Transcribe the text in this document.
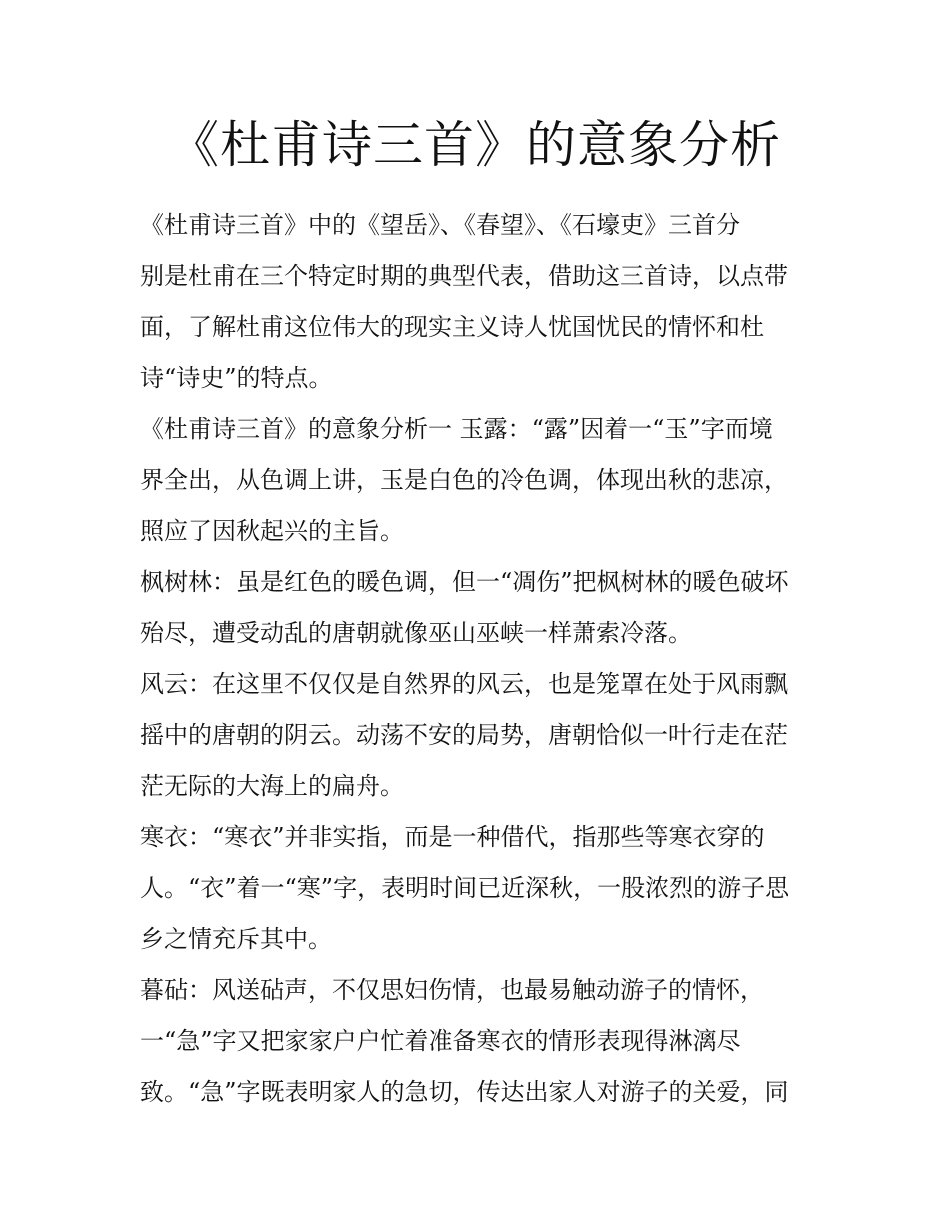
《杜甫诗三首》的意象分析
《杜甫诗三首》中的《望岳》、《春望》、《石壕吏》三首分
别是杜甫在三个特定时期的典型代表，借助这三首诗，以点带
面，了解杜甫这位伟大的现实主义诗人忧国忧民的情怀和杜
诗“诗史”的特点。
《杜甫诗三首》的意象分析一 玉露：“露”因着一“玉”字而境
界全出，从色调上讲，玉是白色的冷色调，体现出秋的悲凉，
照应了因秋起兴的主旨。
枫树林：虽是红色的暖色调，但一“凋伤”把枫树林的暖色破坏
殆尽，遭受动乱的唐朝就像巫山巫峡一样萧索冷落。
风云：在这里不仅仅是自然界的风云，也是笼罩在处于风雨飘
摇中的唐朝的阴云。动荡不安的局势，唐朝恰似一叶行走在茫
茫无际的大海上的扁舟。
寒衣：“寒衣”并非实指，而是一种借代，指那些等寒衣穿的
人。“衣”着一“寒”字，表明时间已近深秋，一股浓烈的游子思
乡之情充斥其中。
暮砧：风送砧声，不仅思妇伤情，也最易触动游子的情怀，
一“急”字又把家家户户忙着准备寒衣的情形表现得淋漓尽
致。“急”字既表明家人的急切，传达出家人对游子的关爱，同
